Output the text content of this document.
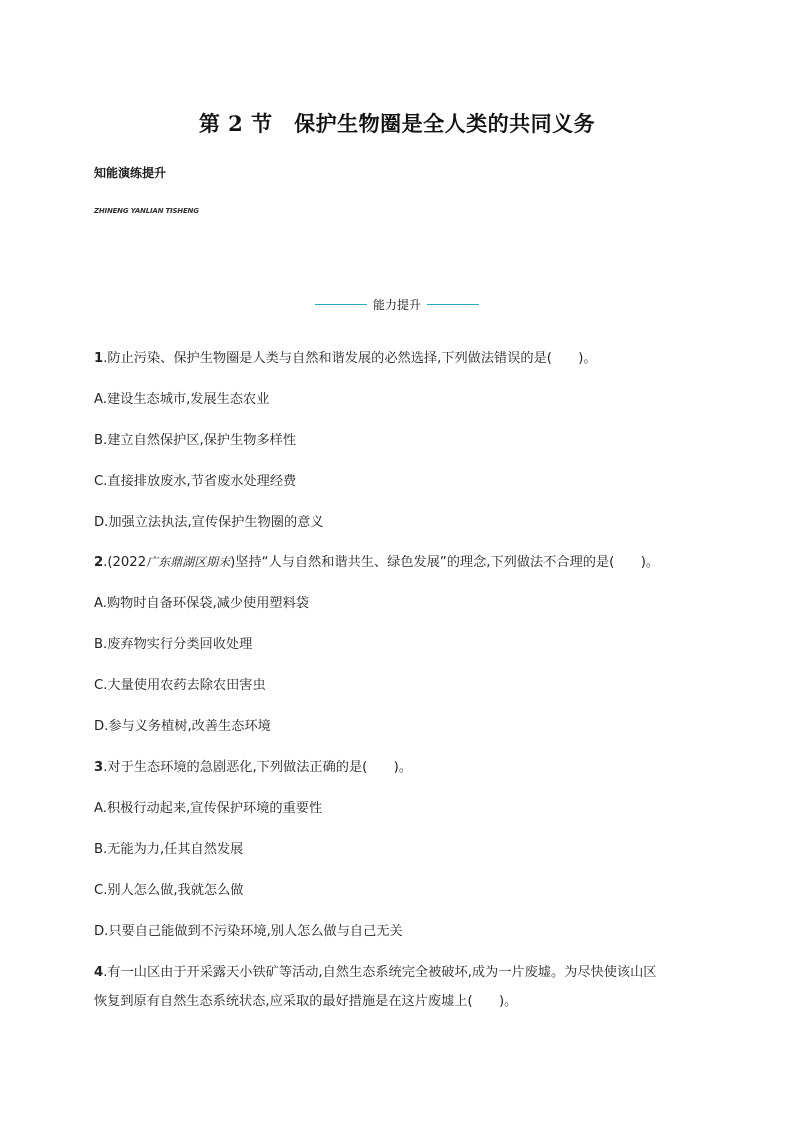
第 2 节　保护生物圈是全人类的共同义务
知能演练提升
ZHINENG YANLIAN TISHENG
能力提升
1.防止污染、保护生物圈是人类与自然和谐发展的必然选择,下列做法错误的是(　　)。
A.建设生态城市,发展生态农业
B.建立自然保护区,保护生物多样性
C.直接排放废水,节省废水处理经费
D.加强立法执法,宣传保护生物圈的意义
2.(2022广东鼎湖区期末)坚持“人与自然和谐共生、绿色发展”的理念,下列做法不合理的是(　　)。
A.购物时自备环保袋,减少使用塑料袋
B.废弃物实行分类回收处理
C.大量使用农药去除农田害虫
D.参与义务植树,改善生态环境
3.对于生态环境的急剧恶化,下列做法正确的是(　　)。
A.积极行动起来,宣传保护环境的重要性
B.无能为力,任其自然发展
C.别人怎么做,我就怎么做
D.只要自己能做到不污染环境,别人怎么做与自己无关
4.有一山区由于开采露天小铁矿等活动,自然生态系统完全被破坏,成为一片废墟。为尽快使该山区
恢复到原有自然生态系统状态,应采取的最好措施是在这片废墟上(　　)。
